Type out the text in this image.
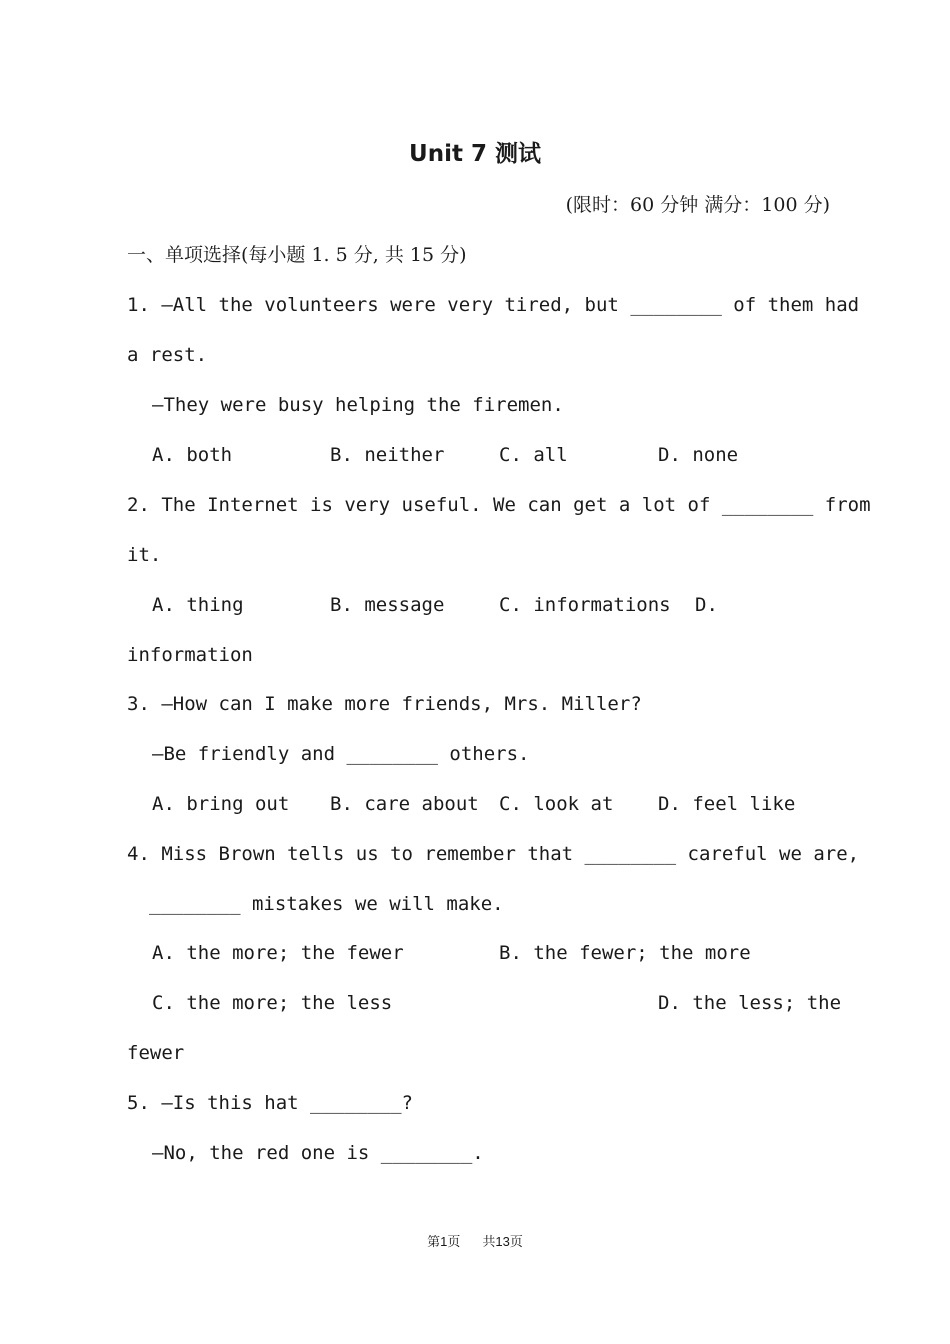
Unit 7 测试
(限时：60 分钟 满分：100 分)
一、单项选择(每小题 1. 5 分, 共 15 分)
1. —All the volunteers were very tired, but ________ of them had
a rest.
—They were busy helping the firemen.
A. both	B. neither	C. all	D. none
2. The Internet is very useful. We can get a lot of ________ from
it.
A. thing	B. message	C. informations D.
information
3. —How can I make more friends, Mrs. Miller?
—Be friendly and ________ others.
A. bring out B. care about C. look at D. feel like
4. Miss Brown tells us to remember that ________ careful we are,
________ mistakes we will make.
A. the more; the fewer	B. the fewer; the more
C. the more; the less	D. the less; the
fewer
5. —Is this hat ________?
—No, the red one is ________.
第1页 共13页
